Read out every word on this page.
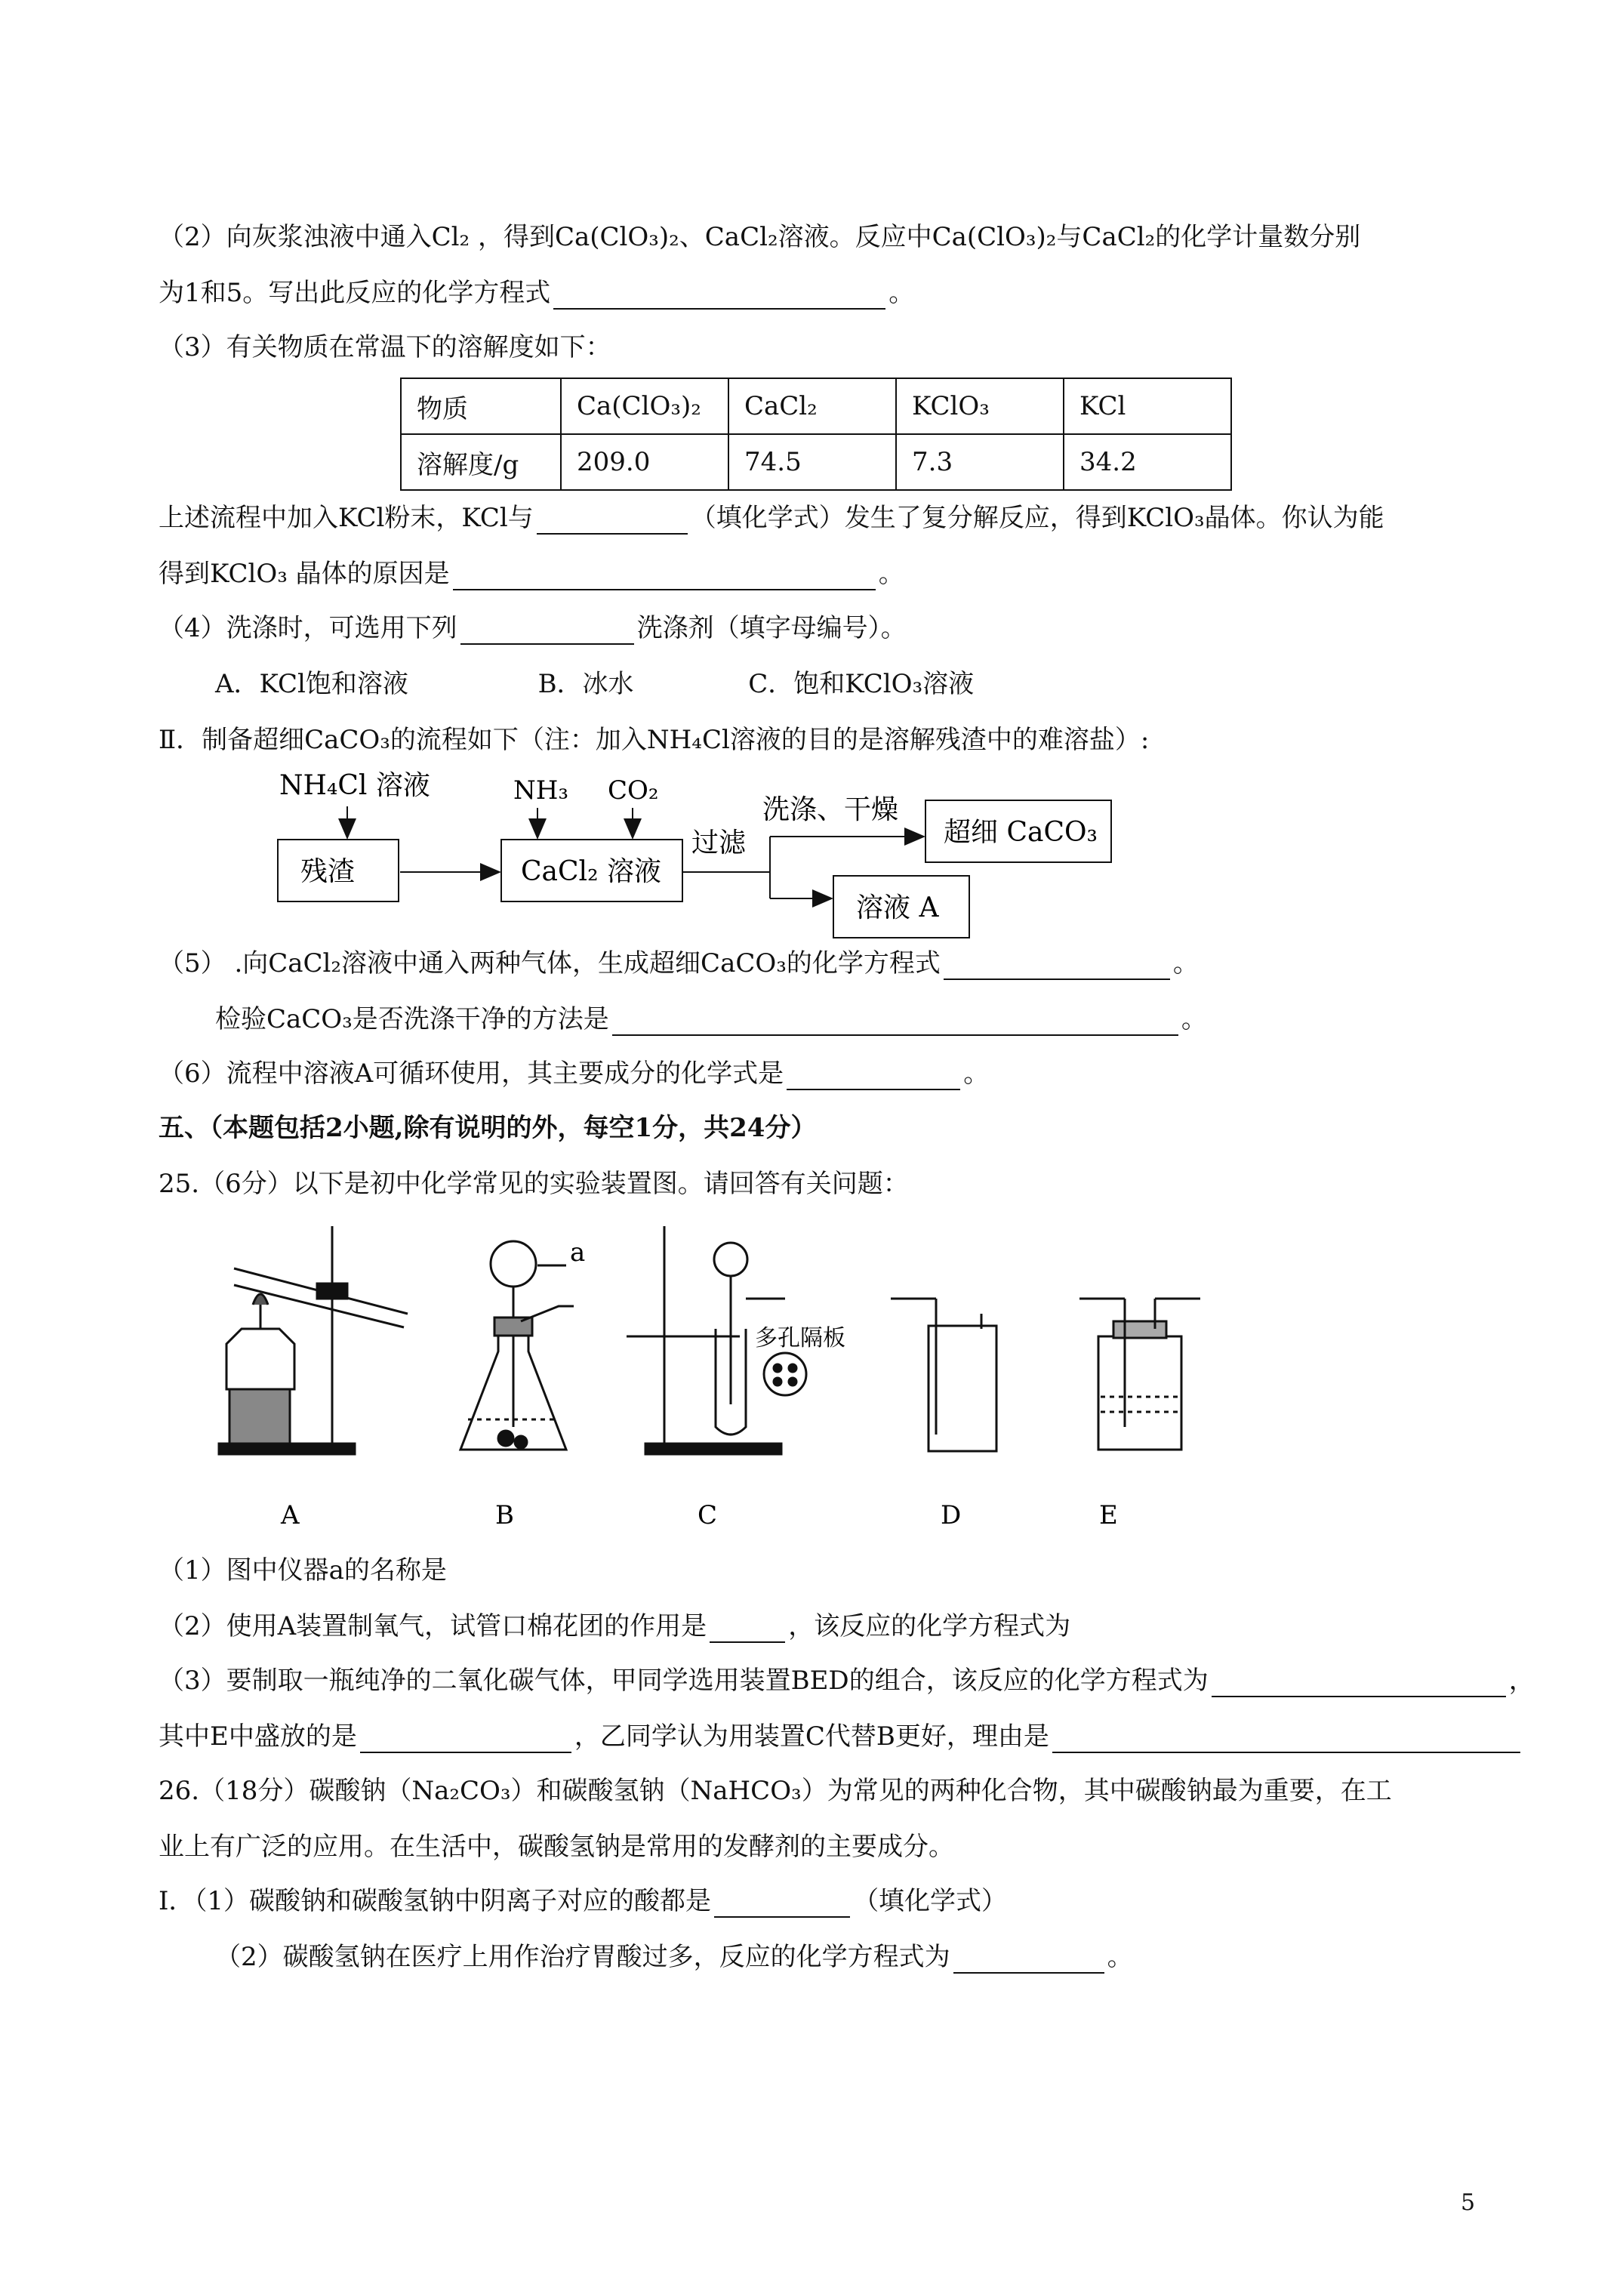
（2）向灰浆浊液中通入Cl₂ ，得到Ca(ClO₃)₂、CaCl₂溶液。反应中Ca(ClO₃)₂与CaCl₂的化学计量数分别
为1和5。写出此反应的化学方程式	。
（3）有关物质在常温下的溶解度如下：
物质	Ca(ClO₃)₂	CaCl₂	KClO₃	KCl
溶解度/g	209.0	74.5	7.3	34.2
上述流程中加入KCl粉末，KCl与	（填化学式）发生了复分解反应，得到KClO₃晶体。你认为能
得到KClO₃ 晶体的原因是	。
（4）洗涤时，可选用下列	洗涤剂（填字母编号）。
A．KCl饱和溶液	B．冰水	C．饱和KClO₃溶液
Ⅱ．制备超细CaCO₃的流程如下（注：加入NH₄Cl溶液的目的是溶解残渣中的难溶盐）:
NH₄Cl 溶液	NH₃ CO₂
残渣	CaCl₂ 溶液
过滤
洗涤、干燥
超细 CaCO₃
溶液 A
a
多孔隔板
A	B	C	D	E
（5） .向CaCl₂溶液中通入两种气体，生成超细CaCO₃的化学方程式	。
检验CaCO₃是否洗涤干净的方法是	。
（6）流程中溶液A可循环使用，其主要成分的化学式是	。
五、（本题包括2小题,除有说明的外，每空1分，共24分）
25.（6分）以下是初中化学常见的实验装置图。请回答有关问题：
（1）图中仪器a的名称是
（2）使用A装置制氧气，试管口棉花团的作用是	，该反应的化学方程式为
（3）要制取一瓶纯净的二氧化碳气体，甲同学选用装置BED的组合，该反应的化学方程式为	，
其中E中盛放的是	，乙同学认为用装置C代替B更好，理由是
26.（18分）碳酸钠（Na₂CO₃）和碳酸氢钠（NaHCO₃）为常见的两种化合物，其中碳酸钠最为重要，在工
业上有广泛的应用。在生活中，碳酸氢钠是常用的发酵剂的主要成分。
Ⅰ．（1）碳酸钠和碳酸氢钠中阴离子对应的酸都是	（填化学式）
（2）碳酸氢钠在医疗上用作治疗胃酸过多，反应的化学方程式为	。
5
